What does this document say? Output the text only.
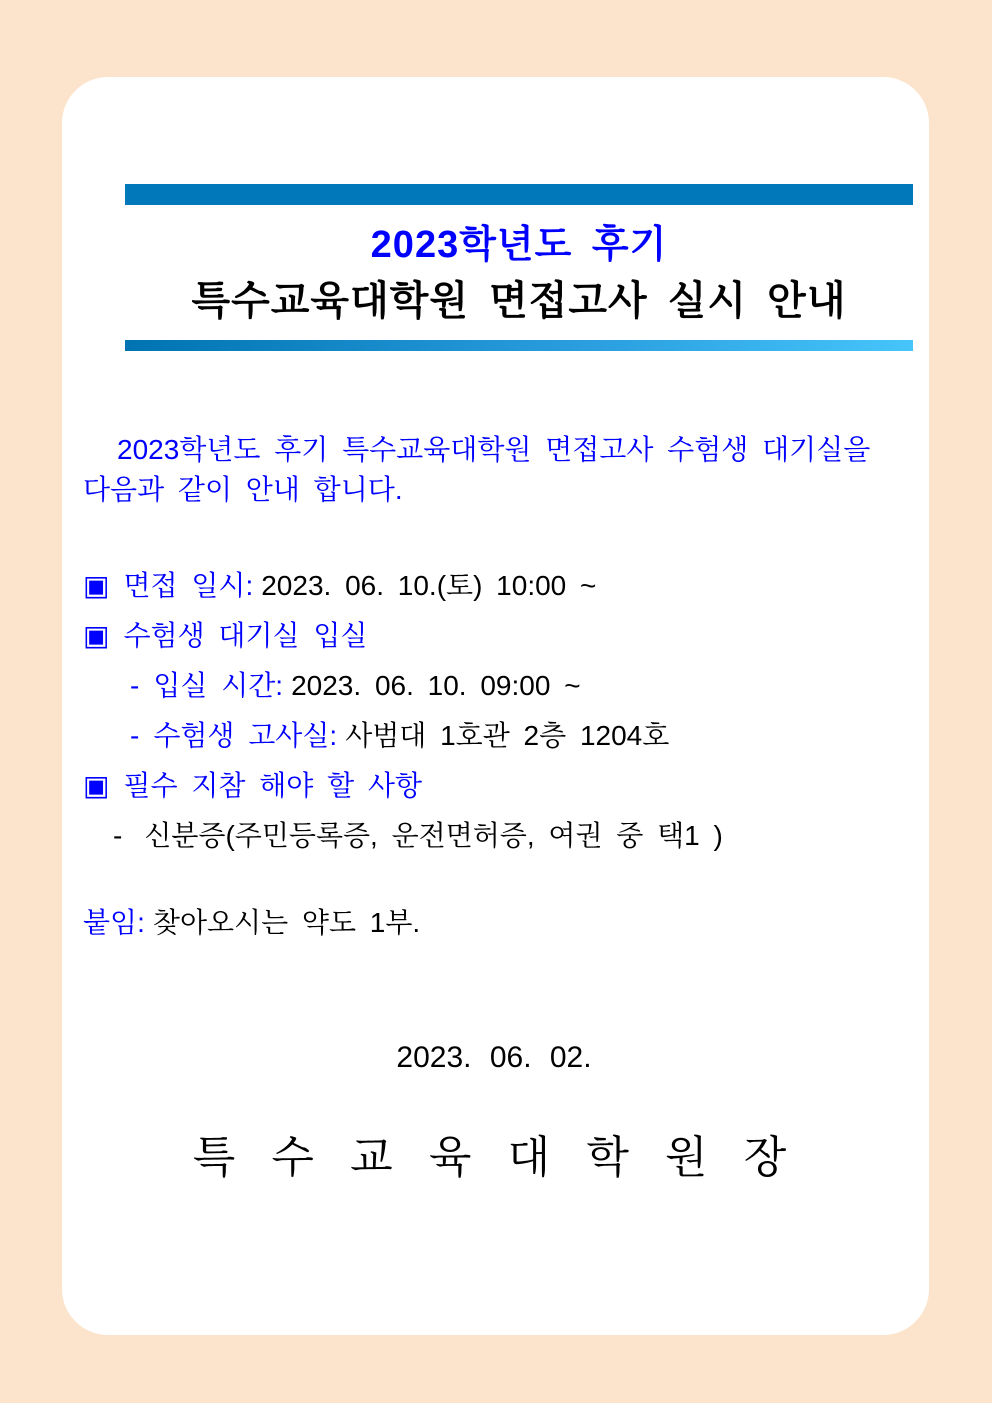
2023학년도 후기
특수교육대학원 면접고사 실시 안내
2023학년도 후기 특수교육대학원 면접고사 수험생 대기실을
다음과 같이 안내 합니다.
▣ 면접 일시: 2023. 06. 10.(토) 10:00 ~
▣ 수험생 대기실 입실
- 입실 시간: 2023. 06. 10. 09:00 ~
- 수험생 고사실: 사범대 1호관 2층 1204호
▣ 필수 지참 해야 할 사항
- 신분증(주민등록증, 운전면허증, 여권 중 택1 )
붙임: 찾아오시는 약도 1부.
2023. 06. 02.
특 수 교 육 대 학 원 장
